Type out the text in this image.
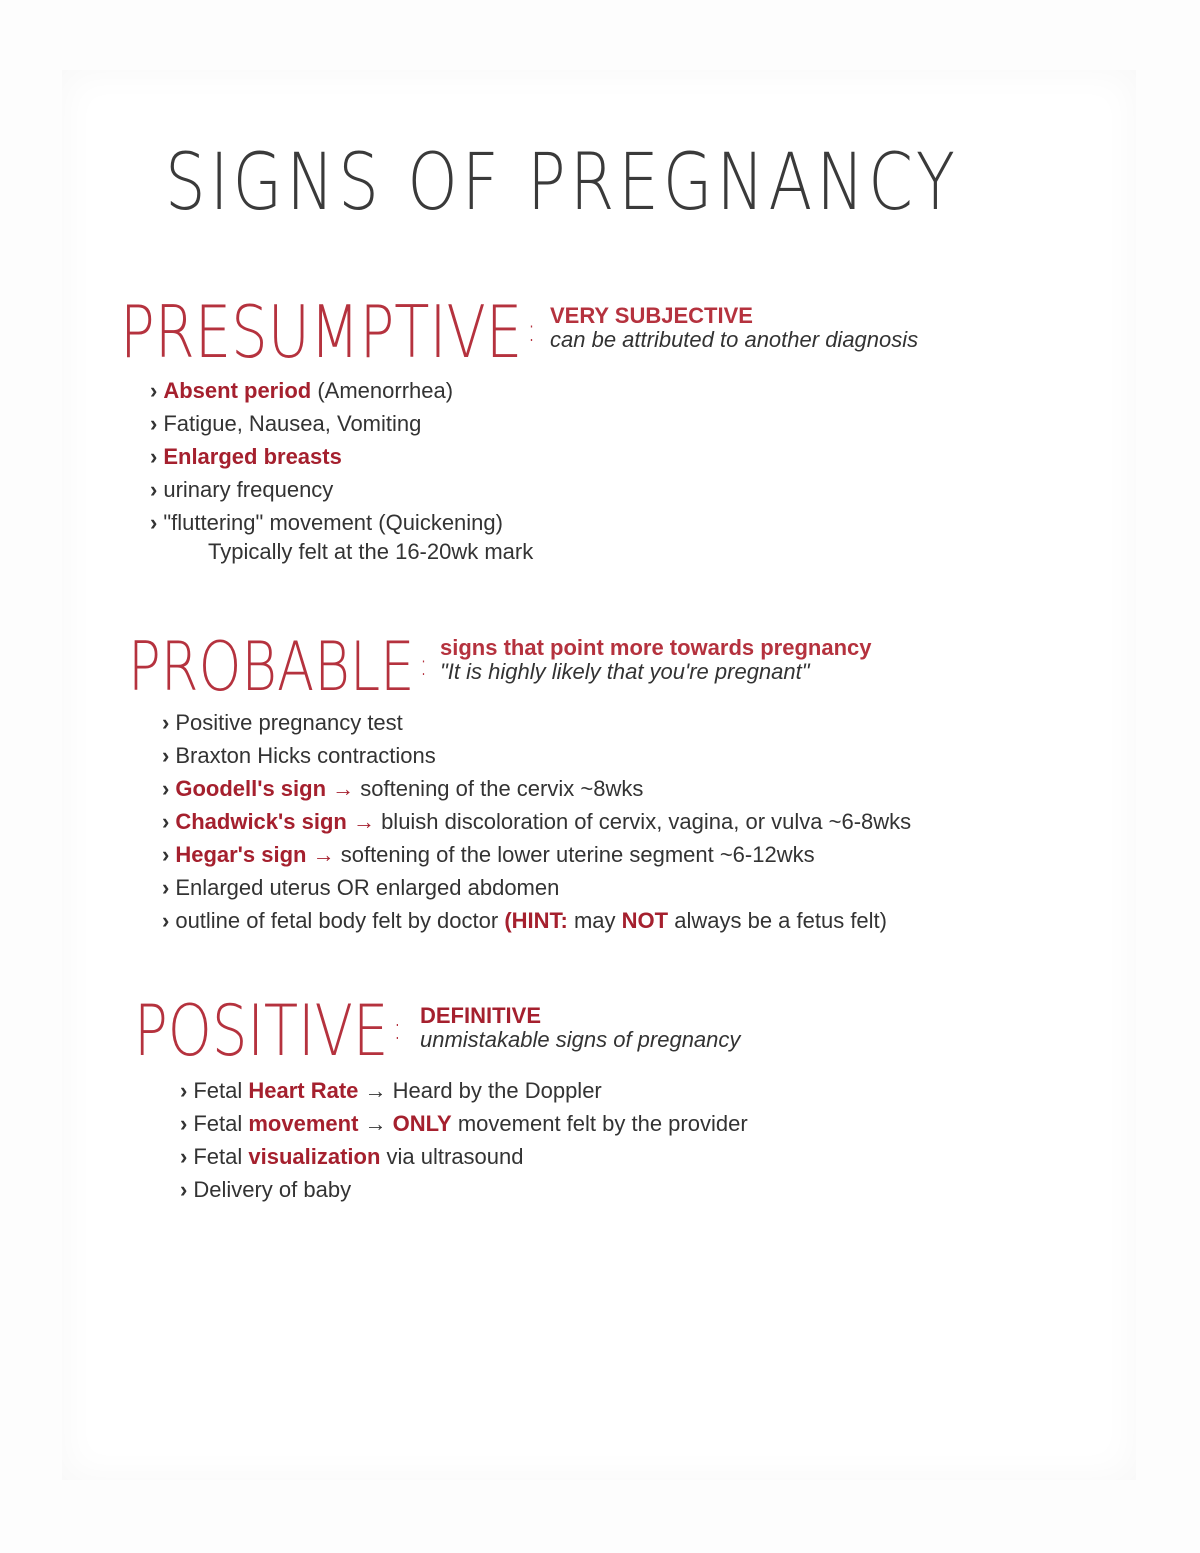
SIGNS OF PREGNANCY
PRESUMPTIVE : VERY SUBJECTIVE
can be attributed to another diagnosis
› Absent period (Amenorrhea)
› Fatigue, Nausea, Vomiting
› Enlarged breasts
› urinary frequency
› "fluttering" movement (Quickening)
Typically felt at the 16-20wk mark
PROBABLE :
signs that point more towards pregnancy
"It is highly likely that you're pregnant"
› Positive pregnancy test
› Braxton Hicks contractions
› Goodell's sign → softening of the cervix ~8wks
› Chadwick's sign → bluish discoloration of cervix, vagina, or vulva ~6-8wks
› Hegar's sign → softening of the lower uterine segment ~6-12wks
› Enlarged uterus OR enlarged abdomen
› outline of fetal body felt by doctor (HINT: may NOT always be a fetus felt)
POSITIVE : DEFINITIVE
unmistakable signs of pregnancy
› Fetal Heart Rate → Heard by the Doppler
› Fetal movement → ONLY movement felt by the provider
› Fetal visualization via ultrasound
› Delivery of baby
